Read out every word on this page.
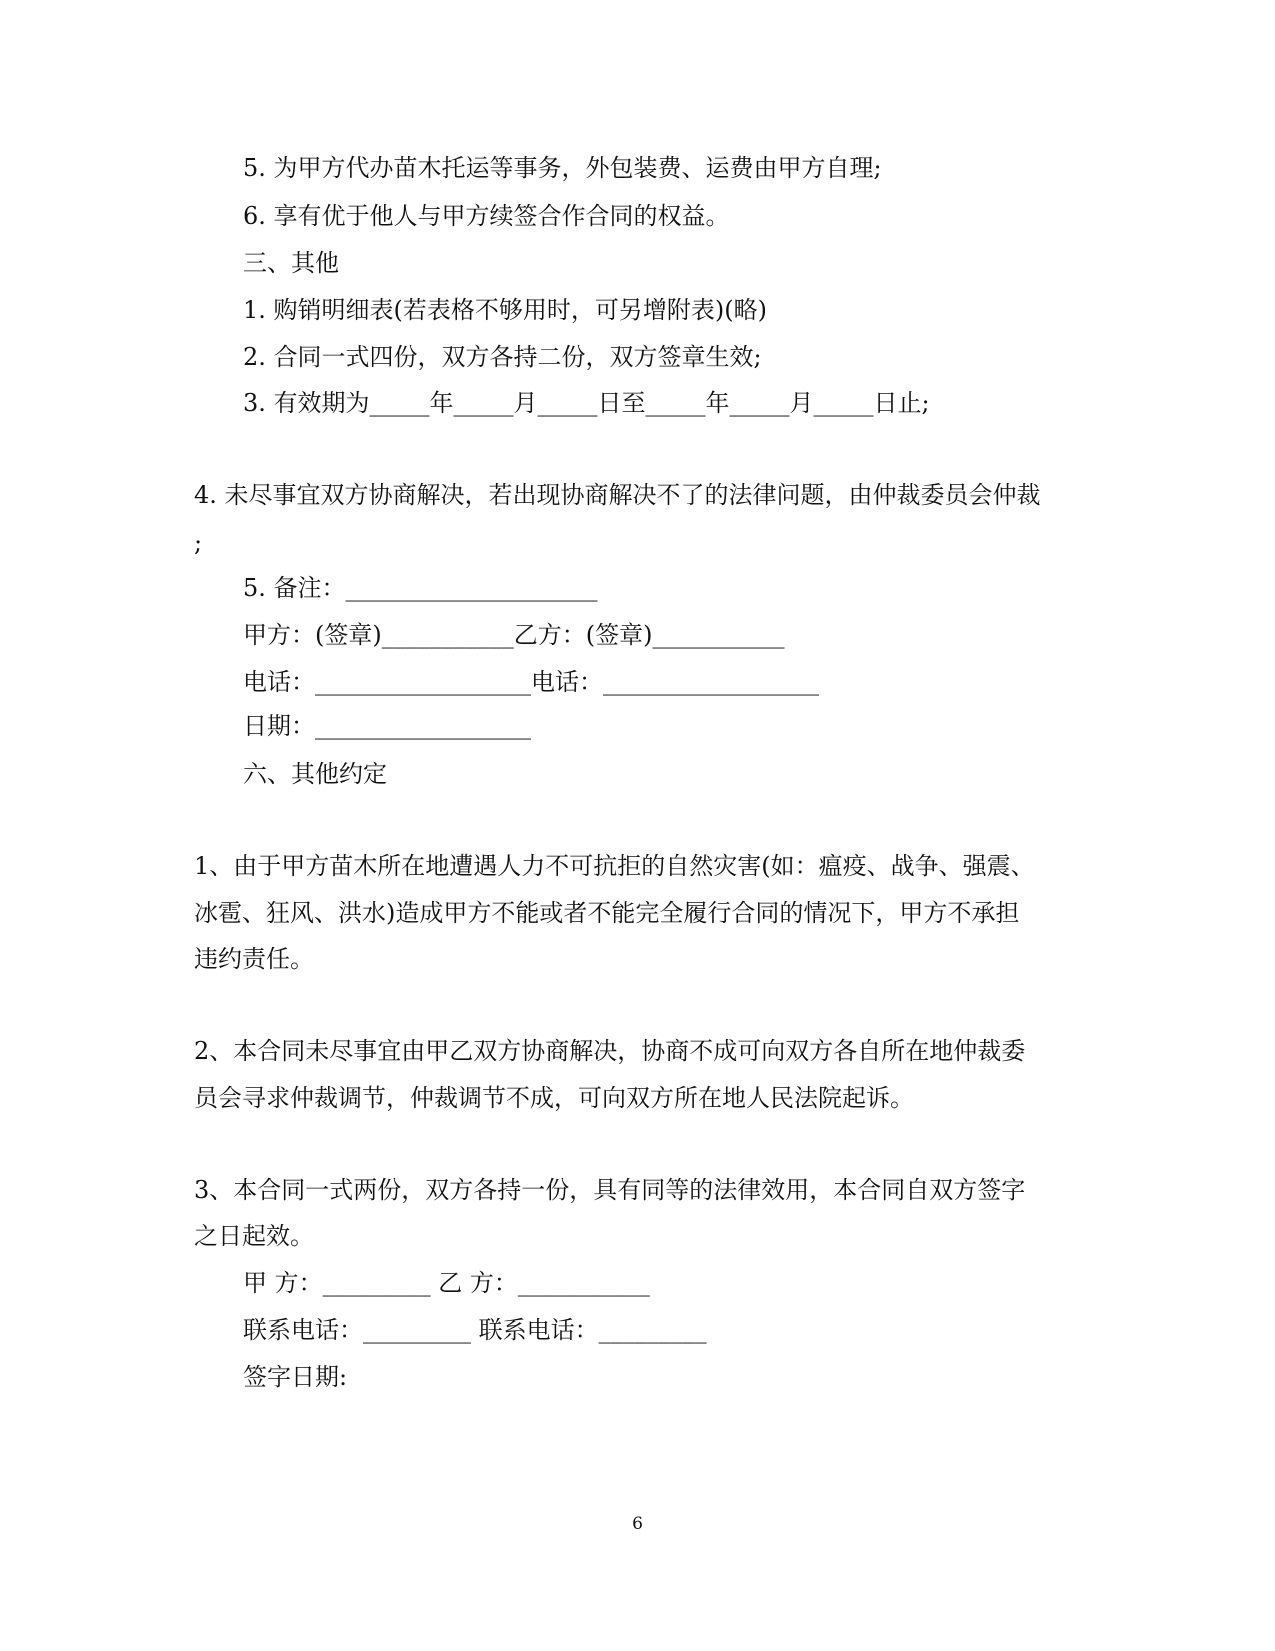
5. 为甲方代办苗木托运等事务，外包装费、运费由甲方自理;
6. 享有优于他人与甲方续签合作合同的权益。
三、其他
1. 购销明细表(若表格不够用时，可另增附表)(略)
2. 合同一式四份，双方各持二份，双方签章生效;
3. 有效期为_____年_____月_____日至_____年_____月_____日止;
4. 未尽事宜双方协商解决，若出现协商解决不了的法律问题，由仲裁委员会仲裁
;
5. 备注：_____________________
甲方：(签章)___________乙方：(签章)___________
电话：__________________电话：__________________
日期：__________________
六、其他约定
1、由于甲方苗木所在地遭遇人力不可抗拒的自然灾害(如：瘟疫、战争、强震、
冰雹、狂风、洪水)造成甲方不能或者不能完全履行合同的情况下，甲方不承担
违约责任。
2、本合同未尽事宜由甲乙双方协商解决，协商不成可向双方各自所在地仲裁委
员会寻求仲裁调节，仲裁调节不成，可向双方所在地人民法院起诉。
3、本合同一式两份，双方各持一份，具有同等的法律效用，本合同自双方签字
之日起效。
甲 方：_________ 乙 方：___________
联系电话：_________ 联系电话：_________
签字日期:
6
